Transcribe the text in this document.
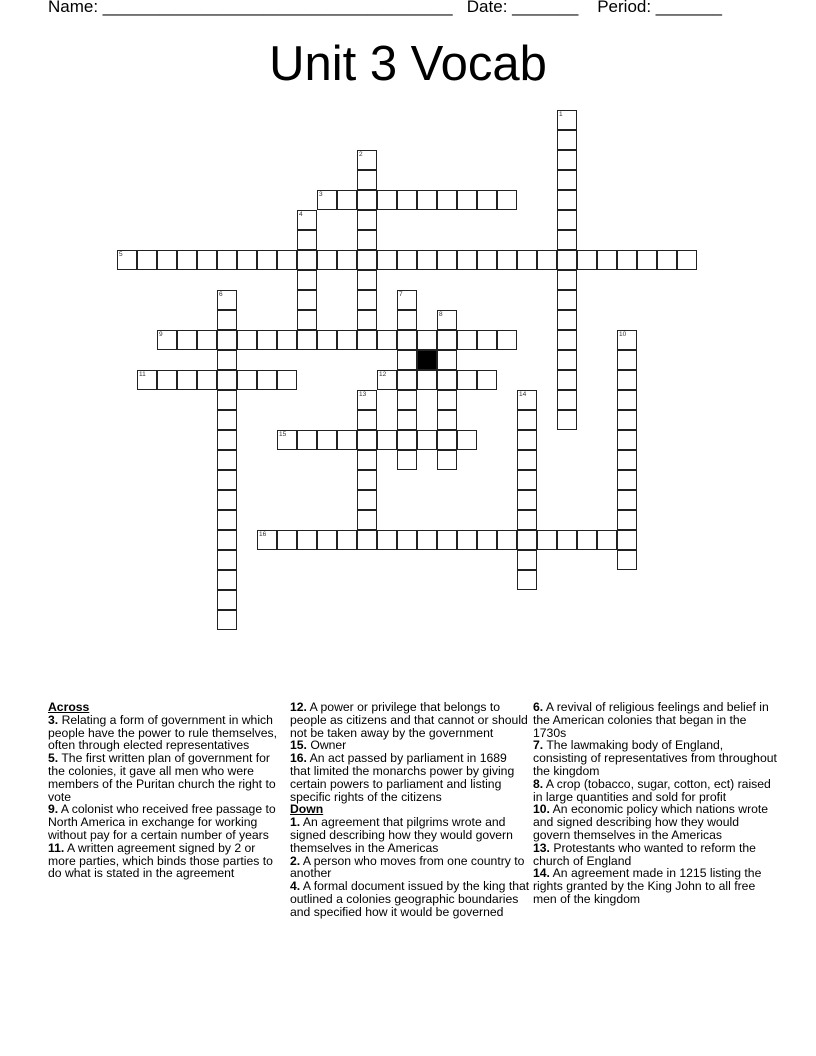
Name: _____________________________________   Date: _______    Period: _______
Unit 3 Vocab
1
2
3
4
5
6	7
8
9	10
11	12
13	14
15
16
Across
3. Relating a form of government in which people have the power to rule themselves, often through elected representatives
5. The first written plan of government for the colonies, it gave all men who were members of the Puritan church the right to vote
9. A colonist who received free passage to North America in exchange for working without pay for a certain number of years
11. A written agreement signed by 2 or more parties, which binds those parties to do what is stated in the agreement
12. A power or privilege that belongs to people as citizens and that cannot or should not be taken away by the government
15. Owner
16. An act passed by parliament in 1689 that limited the monarchs power by giving certain powers to parliament and listing specific rights of the citizens
Down
1. An agreement that pilgrims wrote and signed describing how they would govern themselves in the Americas
2. A person who moves from one country to another
4. A formal document issued by the king that outlined a colonies geographic boundaries and specified how it would be governed
6. A revival of religious feelings and belief in the American colonies that began in the 1730s
7. The lawmaking body of England, consisting of representatives from throughout the kingdom
8. A crop (tobacco, sugar, cotton, ect) raised in large quantities and sold for profit
10. An economic policy which nations wrote and signed describing how they would govern themselves in the Americas
13. Protestants who wanted to reform the church of England
14. An agreement made in 1215 listing the rights granted by the King John to all free men of the kingdom
